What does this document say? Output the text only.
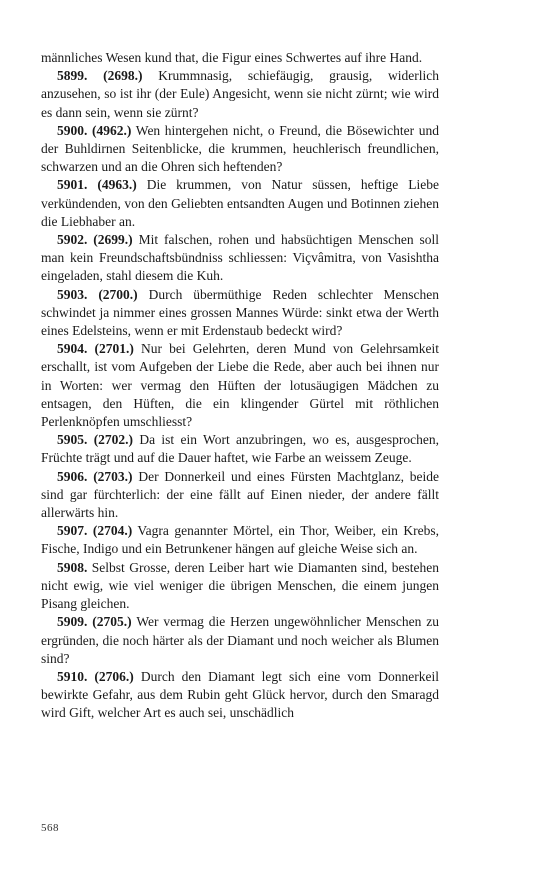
männliches Wesen kund that, die Figur eines Schwertes auf ihre Hand.

5899. (2698.) Krummnasig, schiefäugig, grausig, widerlich anzusehen, so ist ihr (der Eule) Angesicht, wenn sie nicht zürnt; wie wird es dann sein, wenn sie zürnt?

5900. (4962.) Wen hintergehen nicht, o Freund, die Bösewichter und der Buhldirnen Seitenblicke, die krummen, heuchlerisch freundlichen, schwarzen und an die Ohren sich heftenden?

5901. (4963.) Die krummen, von Natur süssen, heftige Liebe verkündenden, von den Geliebten entsandten Augen und Botinnen ziehen die Liebhaber an.

5902. (2699.) Mit falschen, rohen und habsüchtigen Menschen soll man kein Freundschaftsbündniss schliessen: Viçvâmitra, von Vasishtha eingeladen, stahl diesem die Kuh.

5903. (2700.) Durch übermüthige Reden schlechter Menschen schwindet ja nimmer eines grossen Mannes Würde: sinkt etwa der Werth eines Edelsteins, wenn er mit Erdenstaub bedeckt wird?

5904. (2701.) Nur bei Gelehrten, deren Mund von Gelehrsamkeit erschallt, ist vom Aufgeben der Liebe die Rede, aber auch bei ihnen nur in Worten: wer vermag den Hüften der lotusäugigen Mädchen zu entsagen, den Hüften, die ein klingender Gürtel mit röthlichen Perlenknöpfen umschliesst?

5905. (2702.) Da ist ein Wort anzubringen, wo es, ausgesprochen, Früchte trägt und auf die Dauer haftet, wie Farbe an weissem Zeuge.

5906. (2703.) Der Donnerkeil und eines Fürsten Machtglanz, beide sind gar fürchterlich: der eine fällt auf Einen nieder, der andere fällt allerwärts hin.

5907. (2704.) Vagra genannter Mörtel, ein Thor, Weiber, ein Krebs, Fische, Indigo und ein Betrunkener hängen auf gleiche Weise sich an.

5908. Selbst Grosse, deren Leiber hart wie Diamanten sind, bestehen nicht ewig, wie viel weniger die übrigen Menschen, die einem jungen Pisang gleichen.

5909. (2705.) Wer vermag die Herzen ungewöhnlicher Menschen zu ergründen, die noch härter als der Diamant und noch weicher als Blumen sind?

5910. (2706.) Durch den Diamant legt sich eine vom Donnerkeil bewirkte Gefahr, aus dem Rubin geht Glück hervor, durch den Smaragd wird Gift, welcher Art es auch sei, unschädlich

568
